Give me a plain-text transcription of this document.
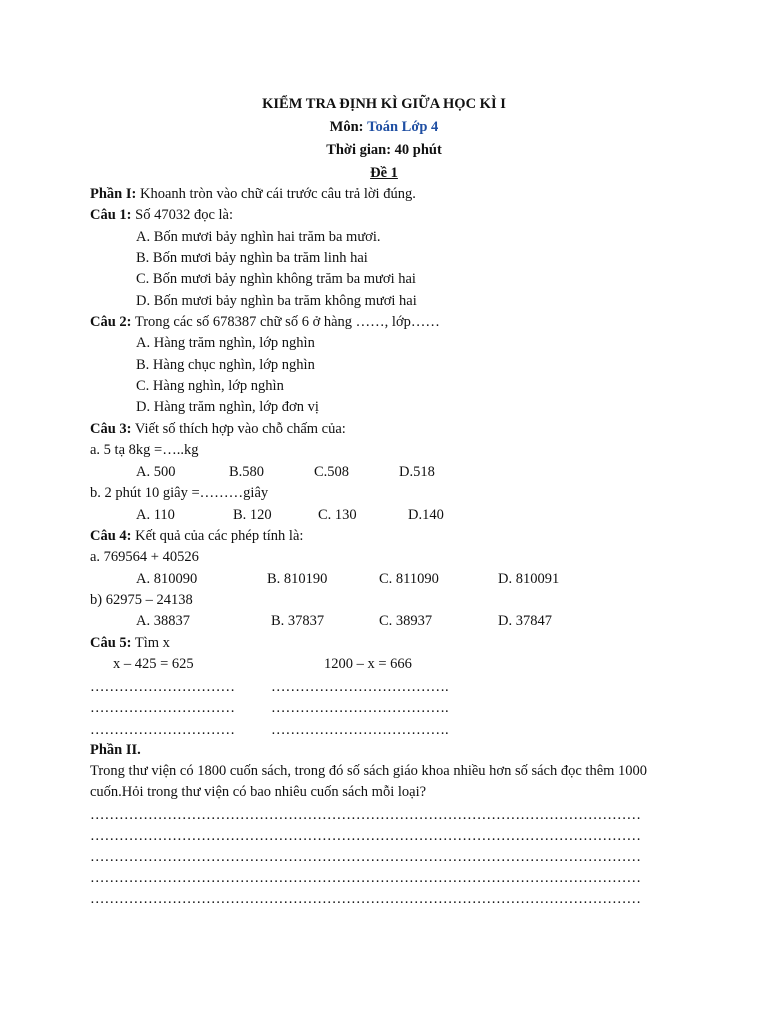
KIỂM TRA ĐỊNH KÌ GIỮA HỌC KÌ I
Môn: Toán Lớp 4
Thời gian: 40 phút
Đề 1
Phần I: Khoanh tròn vào chữ cái trước câu trả lời đúng.
Câu 1: Số 47032 đọc là:
A. Bốn mươi bảy nghìn hai trăm ba mươi.
B. Bốn mươi bảy nghìn ba trăm linh hai
C. Bốn mươi bảy nghìn không trăm ba mươi hai
D. Bốn mươi bảy nghìn ba trăm không mươi hai
Câu 2: Trong các số 678387 chữ số 6 ở hàng ……, lớp……
A. Hàng trăm nghìn, lớp nghìn
B. Hàng chục nghìn, lớp nghìn
C. Hàng nghìn, lớp nghìn
D. Hàng trăm nghìn, lớp đơn vị
Câu 3: Viết số thích hợp vào chỗ chấm của:
a. 5 tạ 8kg =…..kg
A. 500	B.580	C.508	D.518
b. 2 phút 10 giây =………giây
A. 110	B. 120	C. 130	D.140
Câu 4: Kết quả của các phép tính là:
a. 769564 + 40526
A. 810090	B. 810190	C. 811090	D. 810091
b) 62975 – 24138
A. 38837	B. 37837	C. 38937	D. 37847
Câu 5: Tìm x
x – 425 = 625	1200 – x = 666
………………………… ……………………………….
………………………… ……………………………….
………………………… ……………………………….
Phần II.
Trong thư viện có 1800 cuốn sách, trong đó số sách giáo khoa nhiều hơn số sách đọc thêm 1000 cuốn.Hỏi trong thư viện có bao nhiêu cuốn sách mỗi loại?
……………………………………………………………………………………………………
……………………………………………………………………………………………………
……………………………………………………………………………………………………
……………………………………………………………………………………………………
……………………………………………………………………………………………………
